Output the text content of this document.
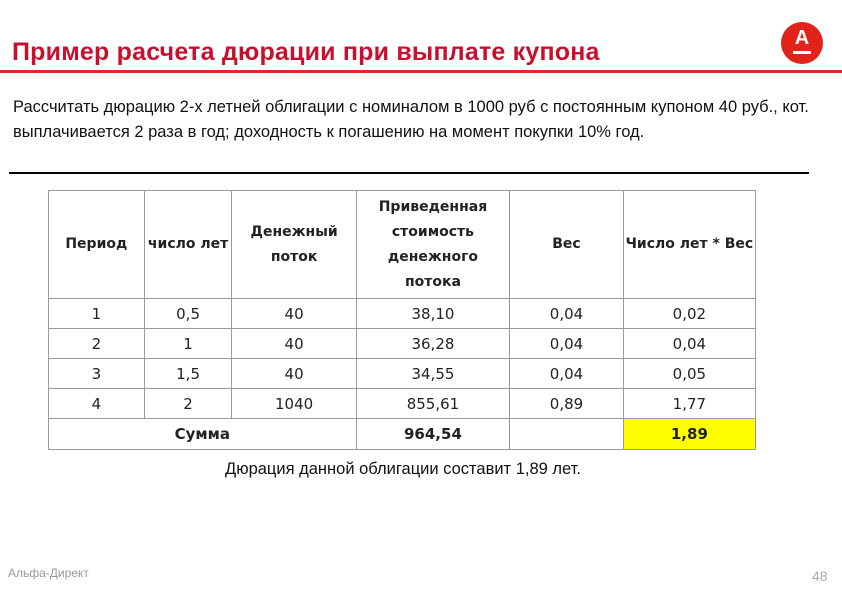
Пример расчета дюрации при выплате купона	А
Рассчитать дюрацию 2-х летней облигации с номиналом в 1000 руб с постоянным купоном 40 руб., кот. выплачивается 2 раза в год; доходность к погашению на момент покупки 10% год.
Период	число лет	Денежный поток	Приведенная стоимость денежного потока	Вес	Число лет * Вес
1	0,5	40	38,10	0,04	0,02
2	1	40	36,28	0,04	0,04
3	1,5	40	34,55	0,04	0,05
4	2	1040	855,61	0,89	1,77
Сумма			964,54		1,89
Дюрация данной облигации составит 1,89 лет.
Альфа-Директ	48
